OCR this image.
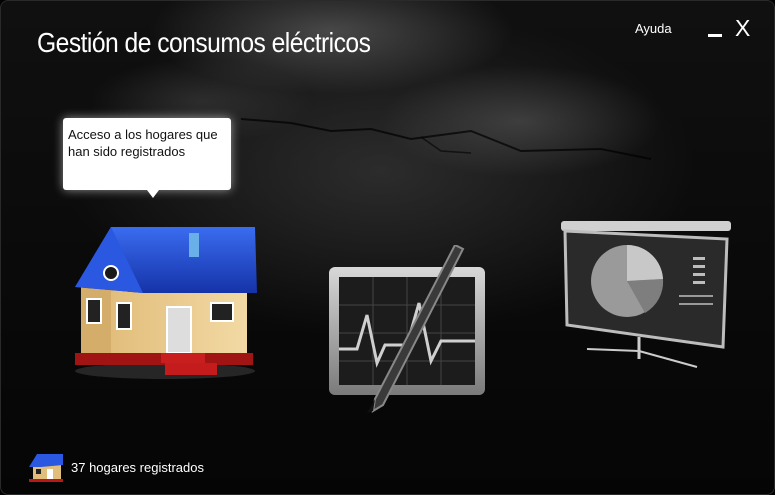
Gestión de consumos eléctricos	Ayuda	X
Acceso a los hogares que han sido registrados
37 hogares registrados
